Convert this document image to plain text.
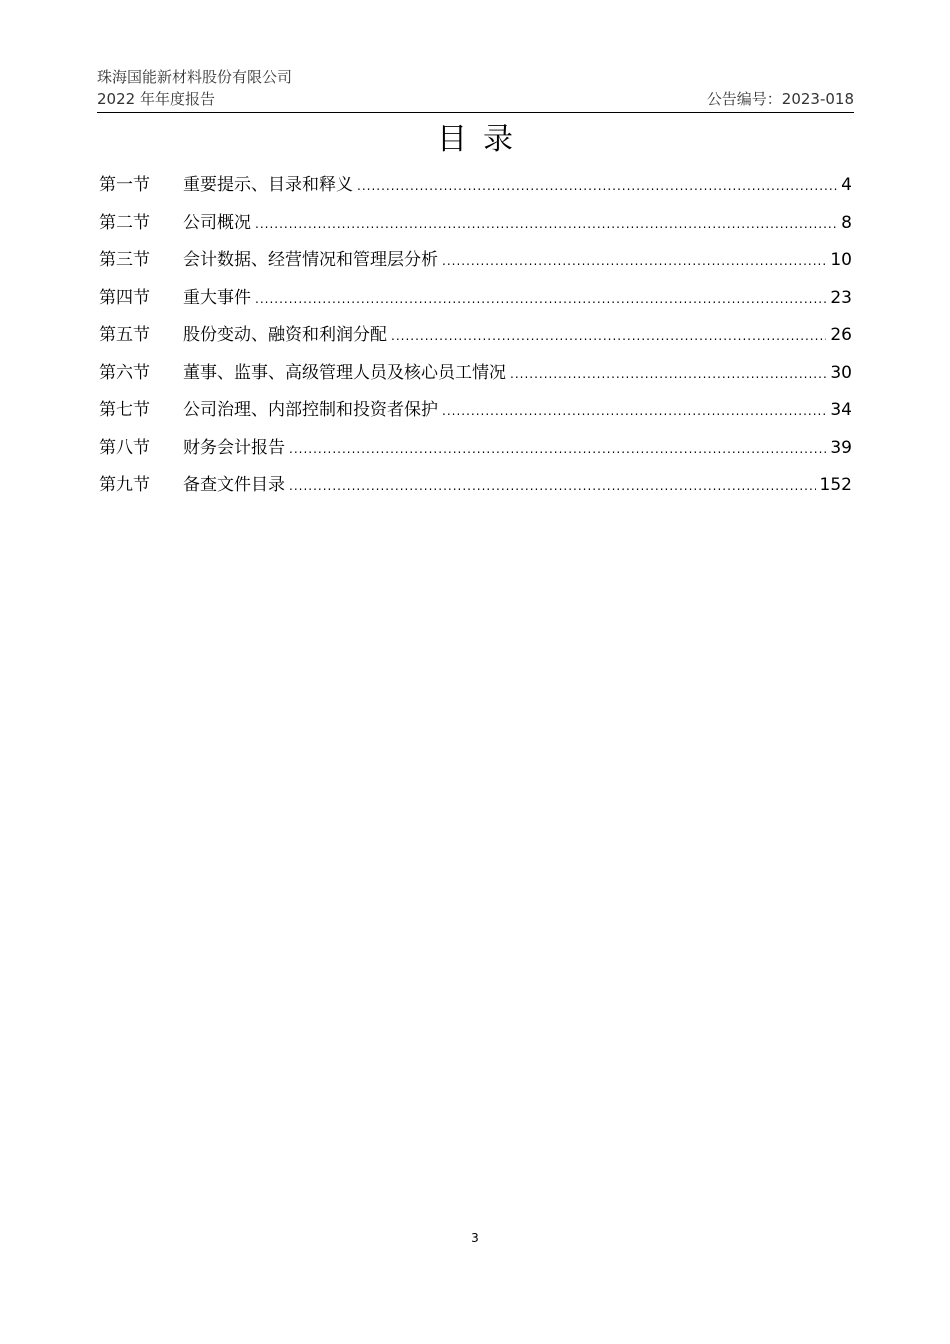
珠海国能新材料股份有限公司
2022 年年度报告	公告编号：2023-018
目录
第一节	重要提示、目录和释义 .....	4
第二节	公司概况 .....	8
第三节	会计数据、经营情况和管理层分析 .....	10
第四节	重大事件 .....	23
第五节	股份变动、融资和利润分配 .....	26
第六节	董事、监事、高级管理人员及核心员工情况 .....	30
第七节	公司治理、内部控制和投资者保护 .....	34
第八节	财务会计报告 .....	39
第九节	备查文件目录 .....	152
3
